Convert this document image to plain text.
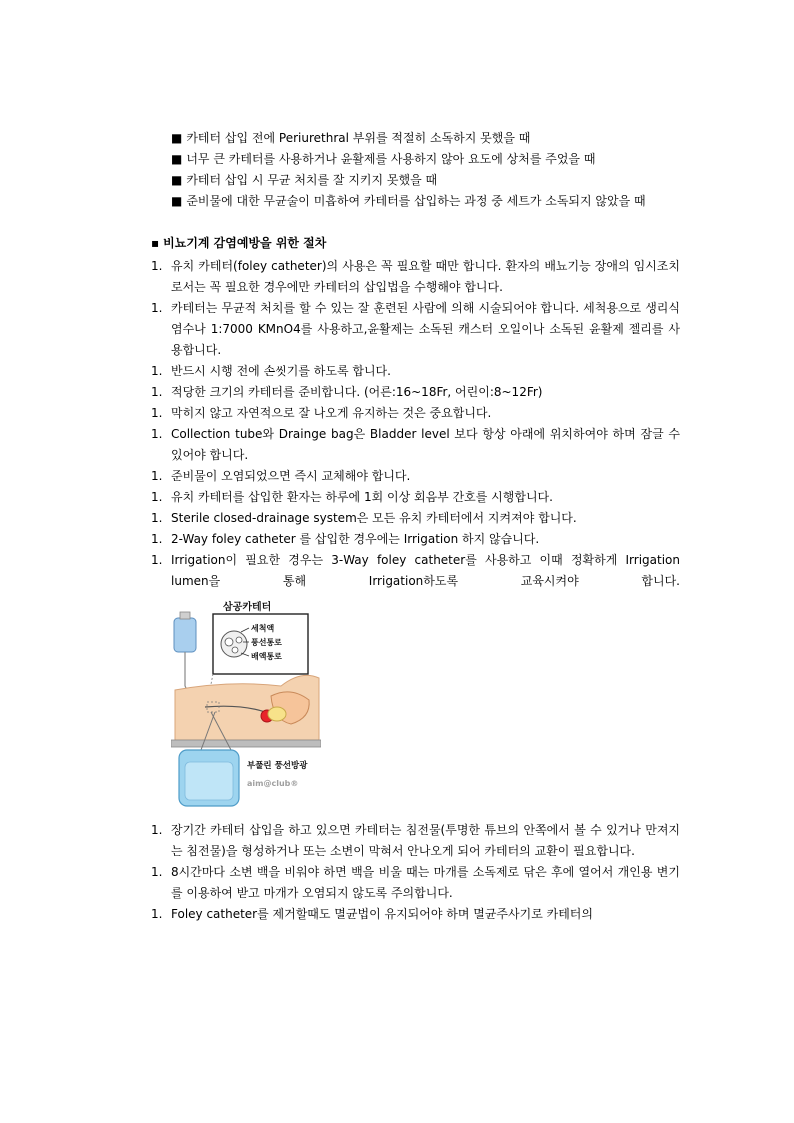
■ 카테터 삽입 전에 Periurethral 부위를 적절히 소독하지 못했을 때
■ 너무 큰 카테터를 사용하거나 윤활제를 사용하지 않아 요도에 상처를 주었을 때
■ 카테터 삽입 시 무균 처치를 잘 지키지 못했을 때
■ 준비물에 대한 무균술이 미흡하여 카테터를 삽입하는 과정 중 세트가 소독되지 않았을 때
▪ 비뇨기계 감염예방을 위한 절차
1. 유치 카테터(foley catheter)의 사용은 꼭 필요할 때만 합니다. 환자의 배뇨기능 장애의 임시조치로서는 꼭 필요한 경우에만 카테터의 삽입법을 수행해야 합니다.
1. 카테터는 무균적 처치를 할 수 있는 잘 훈련된 사람에 의해 시술되어야 합니다. 세척용으로 생리식염수나 1:7000 KMnO4를 사용하고,윤활제는 소독된 캐스터 오일이나 소독된 윤활제 젤리를 사용합니다.
1. 반드시 시행 전에 손씻기를 하도록 합니다.
1. 적당한 크기의 카테터를 준비합니다. (어른:16~18Fr, 어린이:8~12Fr)
1. 막히지 않고 자연적으로 잘 나오게 유지하는 것은 중요합니다.
1. Collection tube와 Drainge bag은 Bladder level 보다 항상 아래에 위치하여야 하며 잠글 수 있어야 합니다.
1. 준비물이 오염되었으면 즉시 교체해야 합니다.
1. 유치 카테터를 삽입한 환자는 하루에 1회 이상 회음부 간호를 시행합니다.
1. Sterile closed-drainage system은 모든 유치 카테터에서 지켜져야 합니다.
1. 2-Way foley catheter 를 삽입한 경우에는 Irrigation 하지 않습니다.
1. Irrigation이 필요한 경우는 3-Way foley catheter를 사용하고 이때 정확하게 Irrigation lumen을 통해 Irrigation하도록 교육시켜야 합니다.
삼공카테터
세척액
풍선통로
배액통로
부풀린 풍선방광
aim@club®
1. 장기간 카테터 삽입을 하고 있으면 카테터는 침전물(투명한 튜브의 안쪽에서 볼 수 있거나 만져지는 침전물)을 형성하거나 또는 소변이 막혀서 안나오게 되어 카테터의 교환이 필요합니다.
1. 8시간마다 소변 백을 비워야 하면 백을 비울 때는 마개를 소독제로 닦은 후에 열어서 개인용 변기를 이용하여 받고 마개가 오염되지 않도록 주의합니다.
1. Foley catheter를 제거할때도 멸균법이 유지되어야 하며 멸균주사기로 카테터의
